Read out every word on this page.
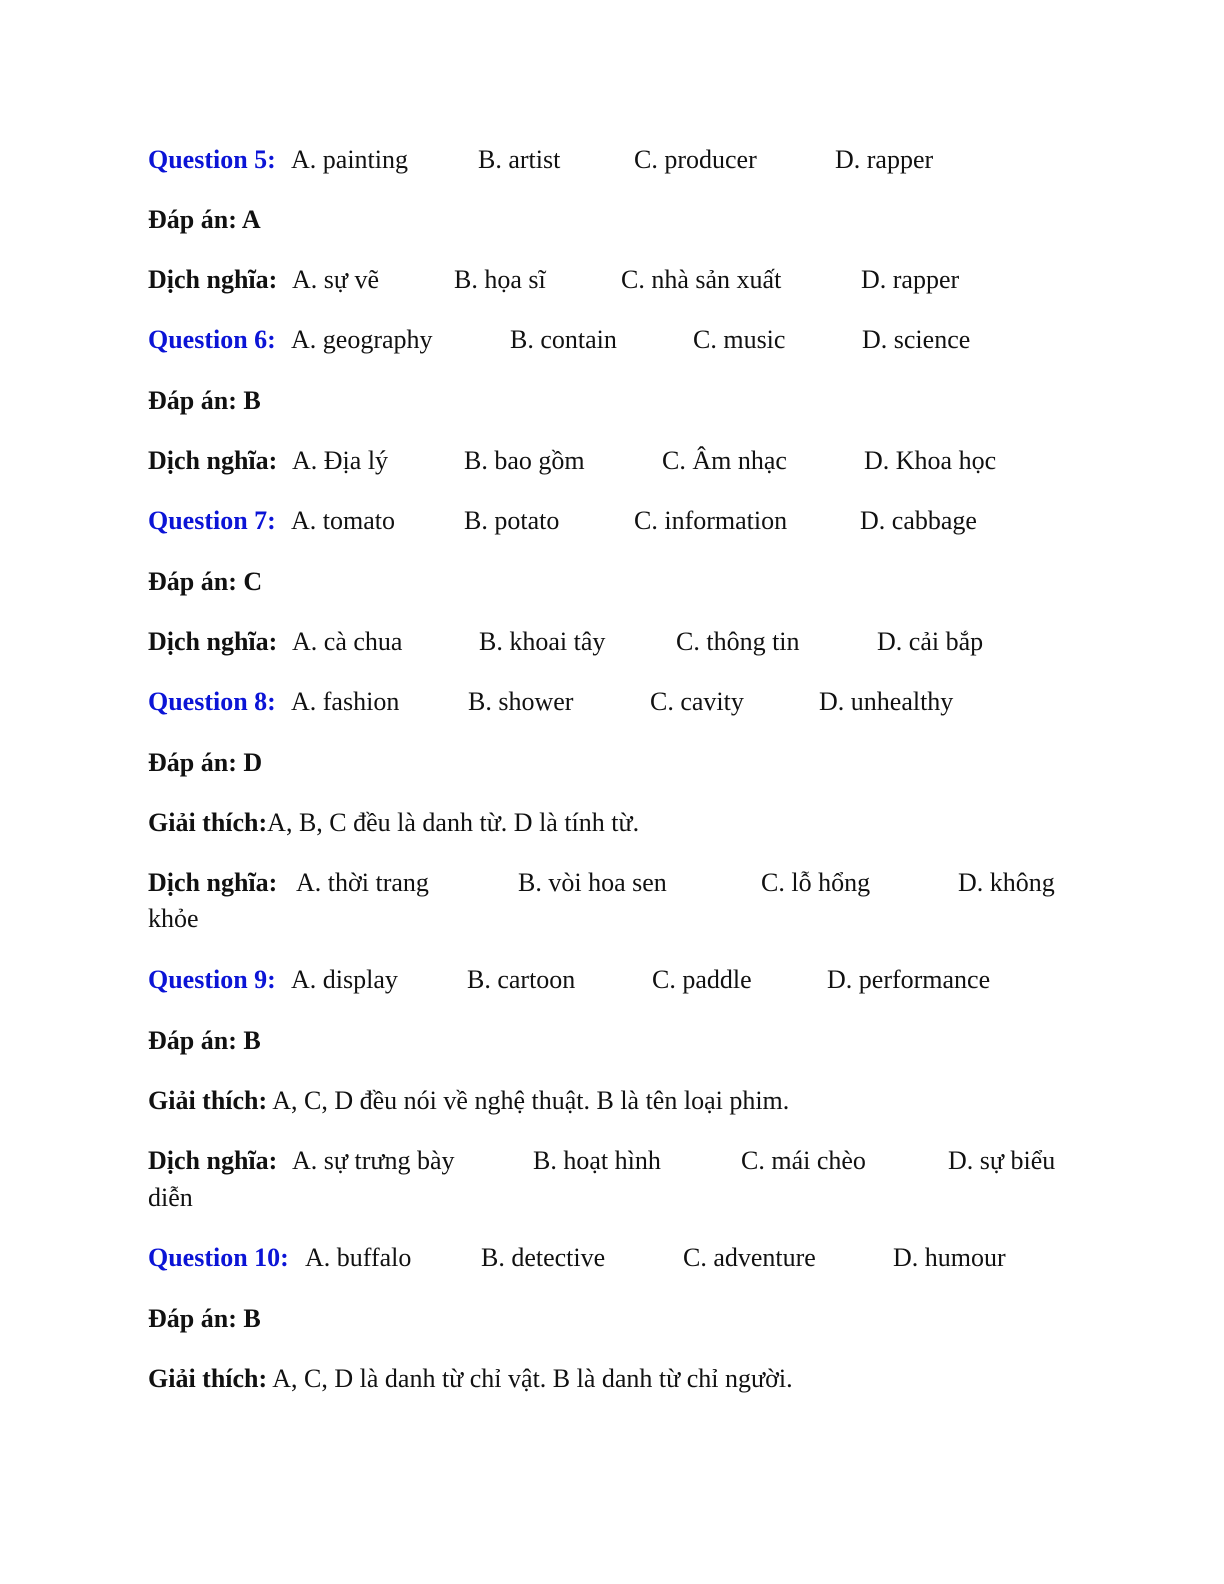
Question 5: A. painting	B. artist	C. producer	D. rapper
Đáp án: A
Dịch nghĩa: A. sự vẽ	B. họa sĩ	C. nhà sản xuất	D. rapper
Question 6: A. geography	B. contain	C. music	D. science
Đáp án: B
Dịch nghĩa: A. Địa lý	B. bao gồm	C. Âm nhạc	D. Khoa học
Question 7: A. tomato	B. potato	C. information	D. cabbage
Đáp án: C
Dịch nghĩa: A. cà chua	B. khoai tây	C. thông tin	D. cải bắp
Question 8: A. fashion	B. shower	C. cavity	D. unhealthy
Đáp án: D
Giải thích:A, B, C đều là danh từ. D là tính từ.
Dịch nghĩa: A. thời trang	B. vòi hoa sen	C. lỗ hổng	D. không
khỏe
Question 9: A. display	B. cartoon	C. paddle	D. performance
Đáp án: B
Giải thích: A, C, D đều nói về nghệ thuật. B là tên loại phim.
Dịch nghĩa: A. sự trưng bày	B. hoạt hình	C. mái chèo	D. sự biểu
diễn
Question 10: A. buffalo	B. detective	C. adventure	D. humour
Đáp án: B
Giải thích: A, C, D là danh từ chỉ vật. B là danh từ chỉ người.
